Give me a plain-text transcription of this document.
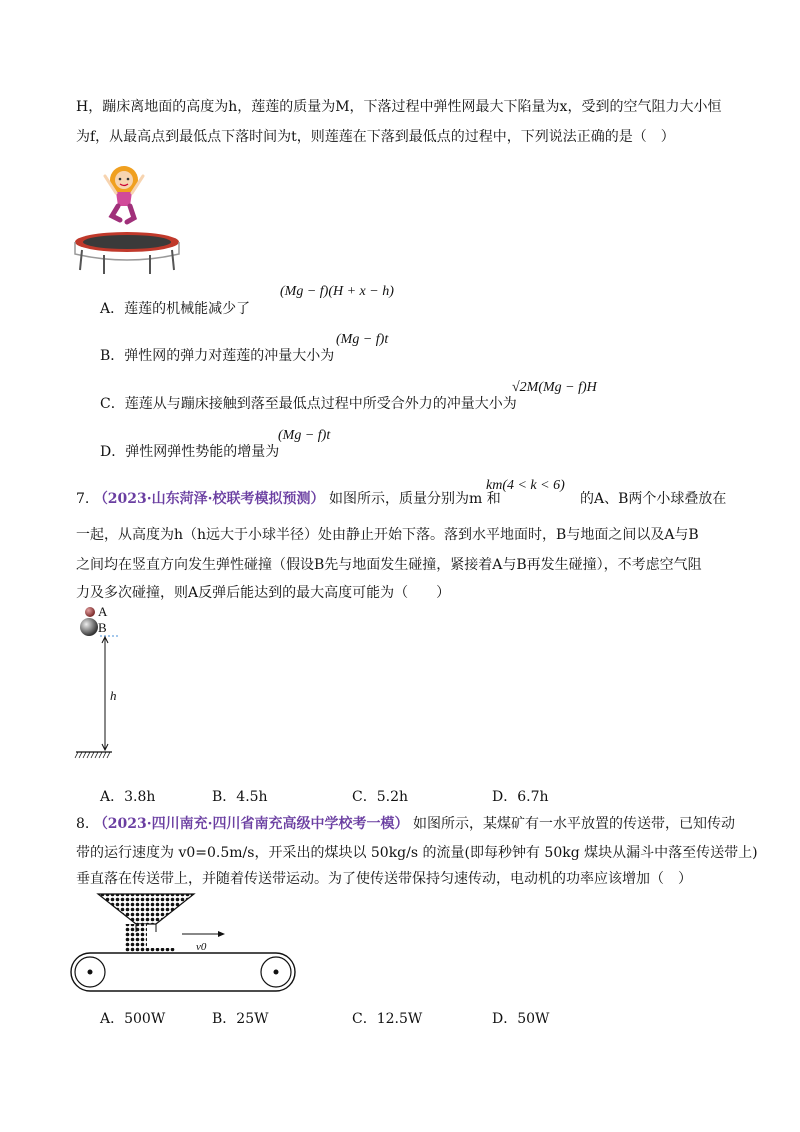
H，蹦床离地面的高度为h，莲莲的质量为M，下落过程中弹性网最大下陷量为x，受到的空气阻力大小恒
为f，从最高点到最低点下落时间为t，则莲莲在下落到最低点的过程中，下列说法正确的是（　）
A．莲莲的机械能减少了
(Mg − f)(H + x − h)
B．弹性网的弹力对莲莲的冲量大小为
(Mg − f)t
C．莲莲从与蹦床接触到落至最低点过程中所受合外力的冲量大小为
√2M(Mg − f)H
D．弹性网弹性势能的增量为
(Mg − f)t
7. （2023·山东菏泽·校联考模拟预测） 如图所示，质量分别为m 和
km(4 < k < 6)
的A、B两个小球叠放在
一起，从高度为h（h远大于小球半径）处由静止开始下落。落到水平地面时，B与地面之间以及A与B
之间均在竖直方向发生弹性碰撞（假设B先与地面发生碰撞，紧接着A与B再发生碰撞），不考虑空气阻
力及多次碰撞，则A反弹后能达到的最大高度可能为（　　）
A
B
h
A．3.8h	B．4.5h	C．5.2h	D．6.7h
8. （2023·四川南充·四川省南充高级中学校考一模） 如图所示，某煤矿有一水平放置的传送带，已知传动
带的运行速度为 v0=0.5m/s，开采出的煤块以 50kg/s 的流量(即每秒钟有 50kg 煤块从漏斗中落至传送带上)
垂直落在传送带上，并随着传送带运动。为了使传送带保持匀速传动，电动机的功率应该增加（　）
v0
A．500W	B．25W	C．12.5W	D．50W
